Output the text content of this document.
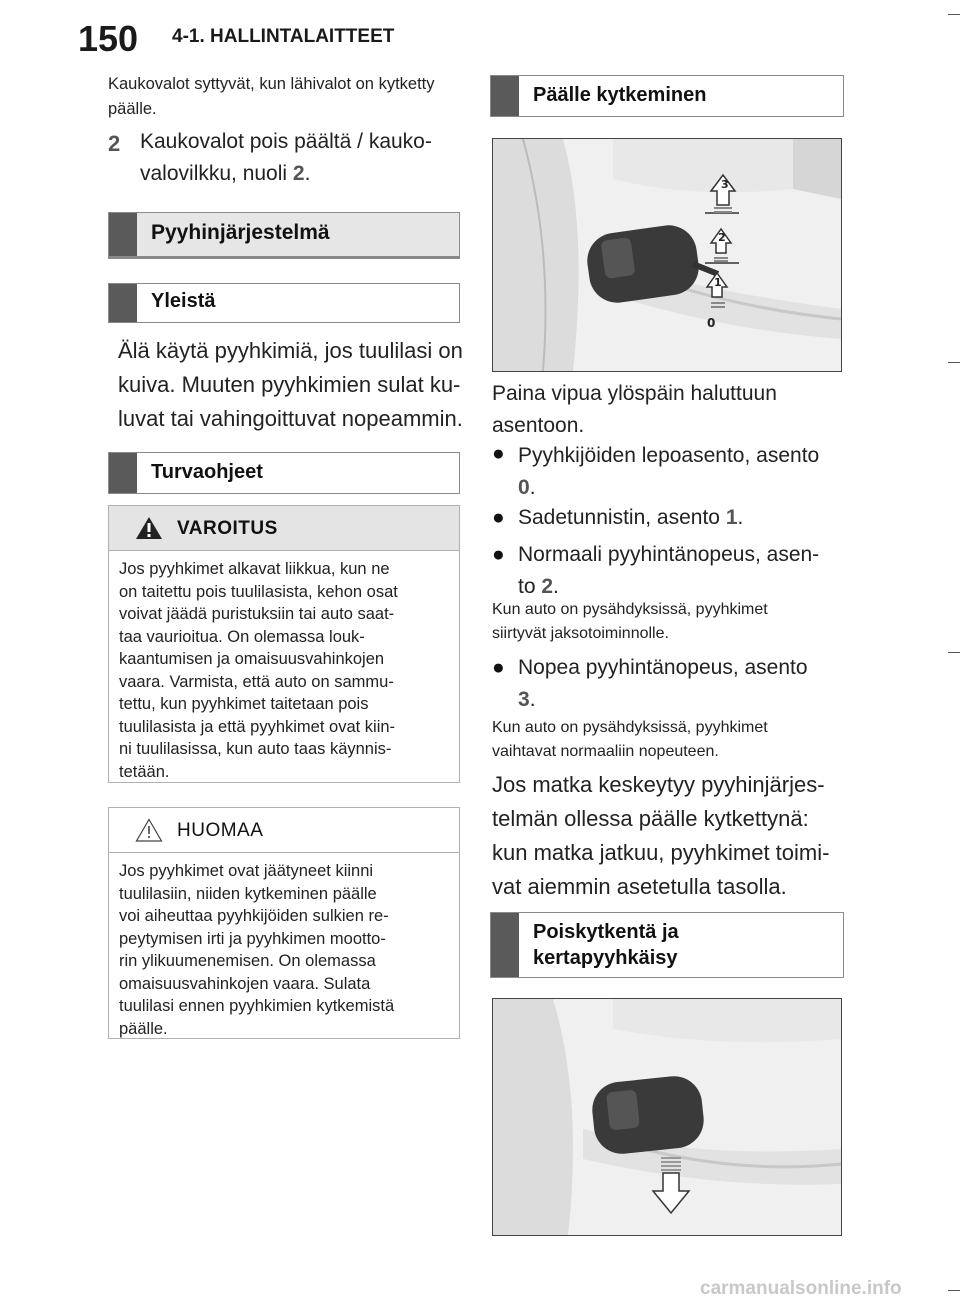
150 4-1. HALLINTALAITTEET
Kaukovalot syttyvät, kun lähivalot on kytketty päälle.
2 Kaukovalot pois päältä / kauko-
valovilkku, nuoli 2.
Pyyhinjärjestelmä
Yleistä
Älä käytä pyyhkimiä, jos tuulilasi on
kuiva. Muuten pyyhkimien sulat ku-
luvat tai vahingoittuvat nopeammin.
Turvaohjeet
VAROITUS
Jos pyyhkimet alkavat liikkua, kun ne
on taitettu pois tuulilasista, kehon osat
voivat jäädä puristuksiin tai auto saat-
taa vaurioitua. On olemassa louk-
kaantumisen ja omaisuusvahinkojen
vaara. Varmista, että auto on sammu-
tettu, kun pyyhkimet taitetaan pois
tuulilasista ja että pyyhkimet ovat kiin-
ni tuulilasissa, kun auto taas käynnis-
tetään.
HUOMAA
Jos pyyhkimet ovat jäätyneet kiinni
tuulilasiin, niiden kytkeminen päälle
voi aiheuttaa pyyhkijöiden sulkien re-
peytymisen irti ja pyyhkimen mootto-
rin ylikuumenemisen. On olemassa
omaisuusvahinkojen vaara. Sulata
tuulilasi ennen pyyhkimien kytkemistä
päälle.
Päälle kytkeminen
3
2
1
0
Paina vipua ylöspäin haluttuun
asentoon.
● Pyyhkijöiden lepoasento, asento
0.
● Sadetunnistin, asento 1.
● Normaali pyyhintänopeus, asen-
to 2.
Kun auto on pysähdyksissä, pyyhkimet
siirtyvät jaksotoiminnolle.
● Nopea pyyhintänopeus, asento
3.
Kun auto on pysähdyksissä, pyyhkimet
vaihtavat normaaliin nopeuteen.
Jos matka keskeytyy pyyhinjärjes-
telmän ollessa päälle kytkettynä:
kun matka jatkuu, pyyhkimet toimi-
vat aiemmin asetetulla tasolla.
Poiskytkentä ja
kertapyyhkäisy
carmanualsonline.info
